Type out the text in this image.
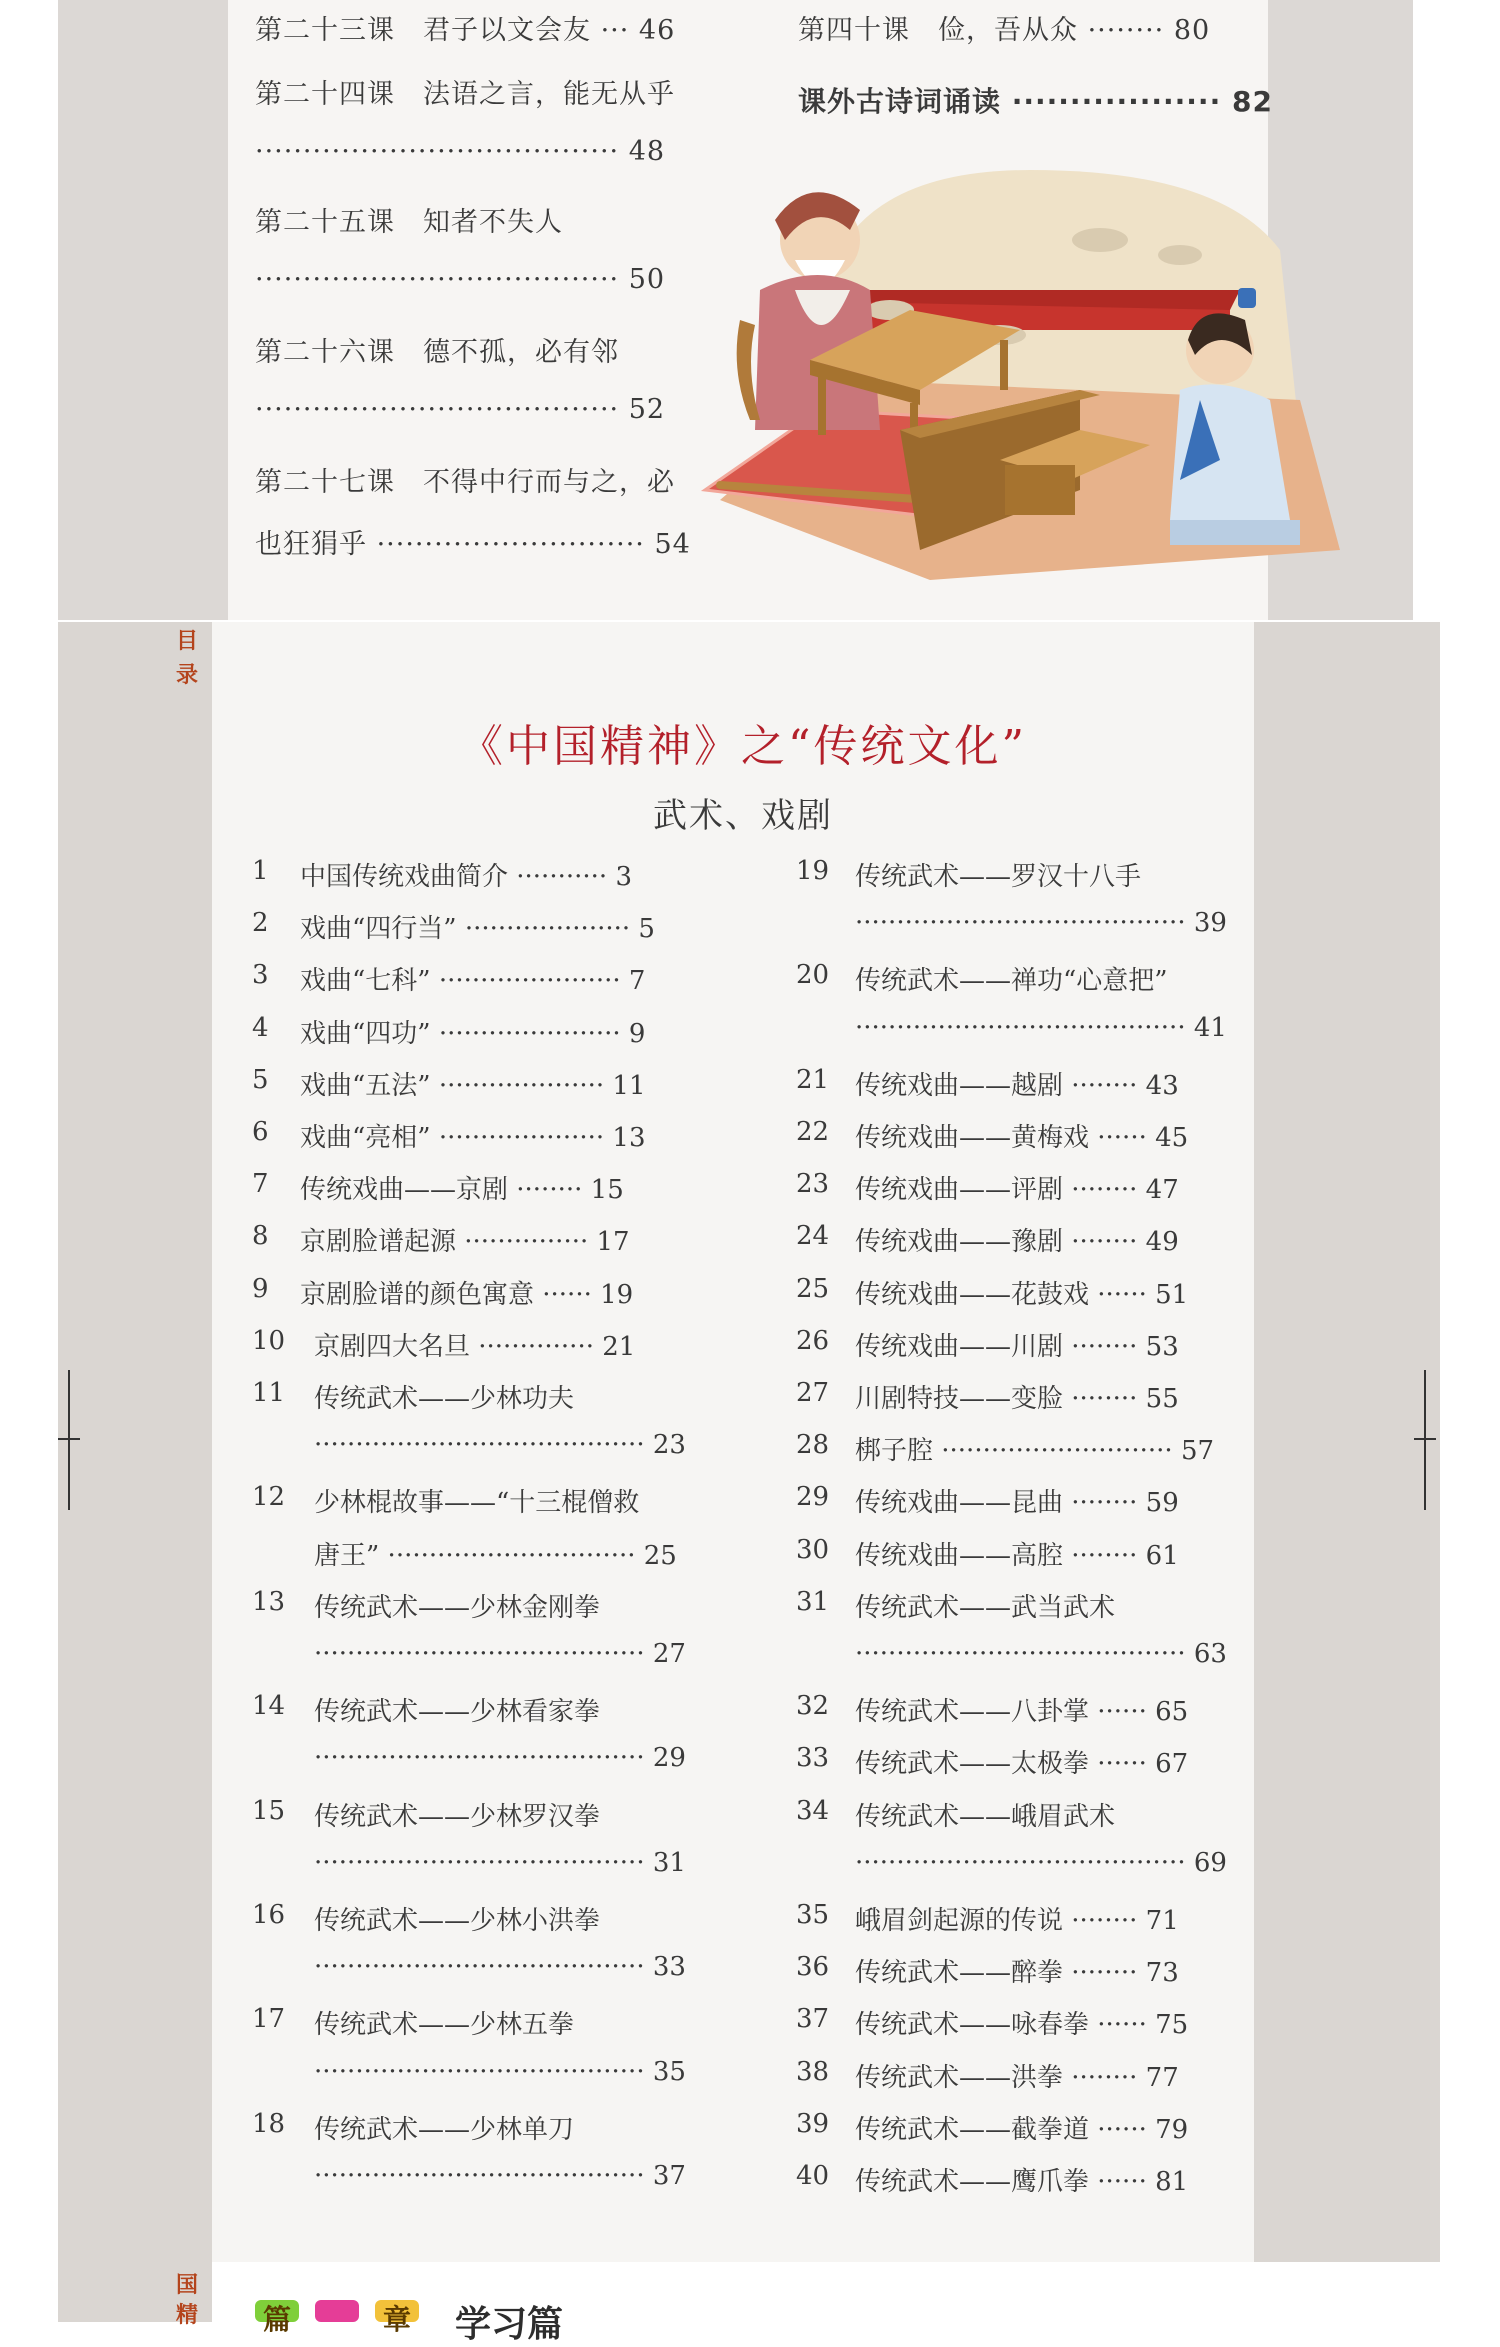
第二十三课　君子以文会友 ··· 46
第二十四课　法语之言，能无从乎
······································ 48
第二十五课　知者不失人
······································ 50
第二十六课　德不孤，必有邻
······································ 52
第二十七课　不得中行而与之，必
也狂狷乎 ···························· 54
第四十课　俭，吾从众 ········ 80
课外古诗词诵读 ·················· 82
目
录
《中国精神》之“传统文化”
武术、戏剧
1 中国传统戏曲简介 ··········· 3
2 戏曲“四行当” ···················· 5
3 戏曲“七科” ······················ 7
4 戏曲“四功” ······················ 9
5 戏曲“五法” ···················· 11
6 戏曲“亮相” ···················· 13
7 传统戏曲——京剧 ········ 15
8 京剧脸谱起源 ··············· 17
9 京剧脸谱的颜色寓意 ······ 19
10 京剧四大名旦 ·············· 21
11 传统武术——少林功夫
········································ 23
12 少林棍故事——“十三棍僧救
唐王” ······························ 25
13 传统武术——少林金刚拳
········································ 27
14 传统武术——少林看家拳
········································ 29
15 传统武术——少林罗汉拳
········································ 31
16 传统武术——少林小洪拳
········································ 33
17 传统武术——少林五拳
········································ 35
18 传统武术——少林单刀
········································ 37
19 传统武术——罗汉十八手
········································ 39
20 传统武术——禅功“心意把”
········································ 41
21 传统戏曲——越剧 ········ 43
22 传统戏曲——黄梅戏 ······ 45
23 传统戏曲——评剧 ········ 47
24 传统戏曲——豫剧 ········ 49
25 传统戏曲——花鼓戏 ······ 51
26 传统戏曲——川剧 ········ 53
27 川剧特技——变脸 ········ 55
28 梆子腔 ···························· 57
29 传统戏曲——昆曲 ········ 59
30 传统戏曲——高腔 ········ 61
31 传统武术——武当武术
········································ 63
32 传统武术——八卦掌 ······ 65
33 传统武术——太极拳 ······ 67
34 传统武术——峨眉武术
········································ 69
35 峨眉剑起源的传说 ········ 71
36 传统武术——醉拳 ········ 73
37 传统武术——咏春拳 ······ 75
38 传统武术——洪拳 ········ 77
39 传统武术——截拳道 ······ 79
40 传统武术——鹰爪拳 ······ 81
国
精 篇	章 学习篇
